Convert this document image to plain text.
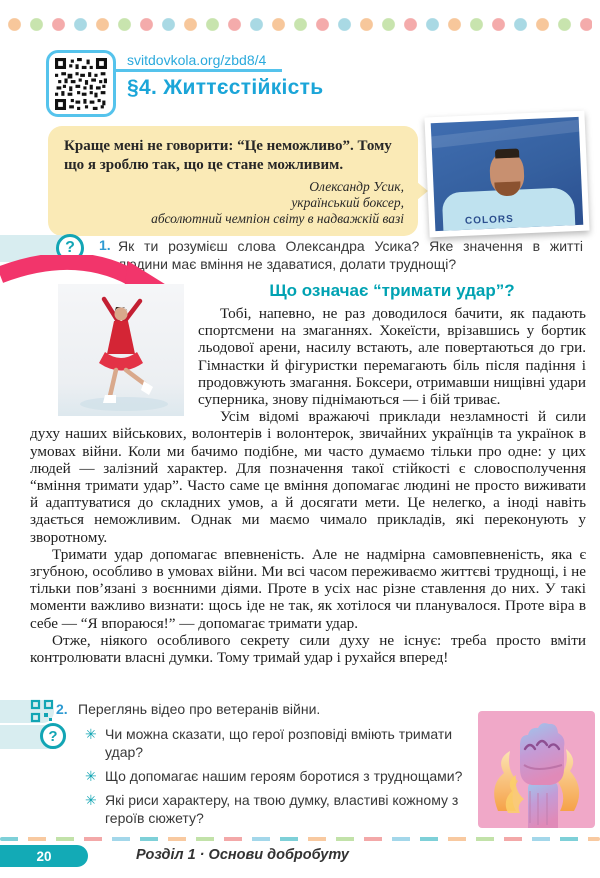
svitdovkola.org/zbd8/4
§4. Життєстійкість
Краще мені не говорити: “Це неможливо”. Тому що я зроблю так, що це стане можливим.
Олександр Усик,
український боксер,
абсолютний чемпіон світу в надважкій вазі	COLORS
? 1. Як ти розумієш слова Олександра Усика? Яке значення в житті людини має вміння не здаватися, долати труднощі?
Що означає “тримати удар”?

Тобі, напевно, не раз доводилося бачити, як падають спортсмени на змаганнях. Хокеїсти, врізавшись у бортик льодової арени, насилу встають, але повертаються до гри. Гімнастки й фігуристки перемагають біль після падіння і продовжують змагання. Боксери, отримавши нищівні удари суперника, знову піднімаються — і бій триває.

Усім відомі вражаючі приклади незламності й сили духу наших військових, волонтерів і волонтерок, звичайних українців та українок в умовах війни. Коли ми бачимо подібне, ми часто думаємо тільки про одне: у цих людей — залізний характер. Для позначення такої стійкості є словосполучення “вміння тримати удар”. Часто саме це вміння допомагає людині не просто виживати й адаптуватися до складних умов, а й досягати мети. Це нелегко, а іноді навіть здається неможливим. Однак ми маємо чимало прикладів, які переконують у зворотному.

Тримати удар допомагає впевненість. Але не надмірна самовпевненість, яка є згубною, особливо в умовах війни. Ми всі часом переживаємо життєві труднощі, і не тільки пов’язані з воєнними діями. Проте в усіх нас різне ставлення до них. У такі моменти важливо визнати: щось іде не так, як хотілося чи планувалося. Проте віра в себе — “Я впораюся!” — допомагає тримати удар.

Отже, ніякого особливого секрету сили духу не існує: треба просто вміти контролювати власні думки. Тому тримай удар і рухайся вперед!

?
2. Переглянь відео про ветеранів війни.
✳ Чи можна сказати, що герої розповіді вміють тримати удар?
✳ Що допомагає нашим героям боротися з труднощами?
✳ Які риси характеру, на твою думку, властиві кожному з героїв сюжету?
20	Розділ 1 · Основи добробуту
